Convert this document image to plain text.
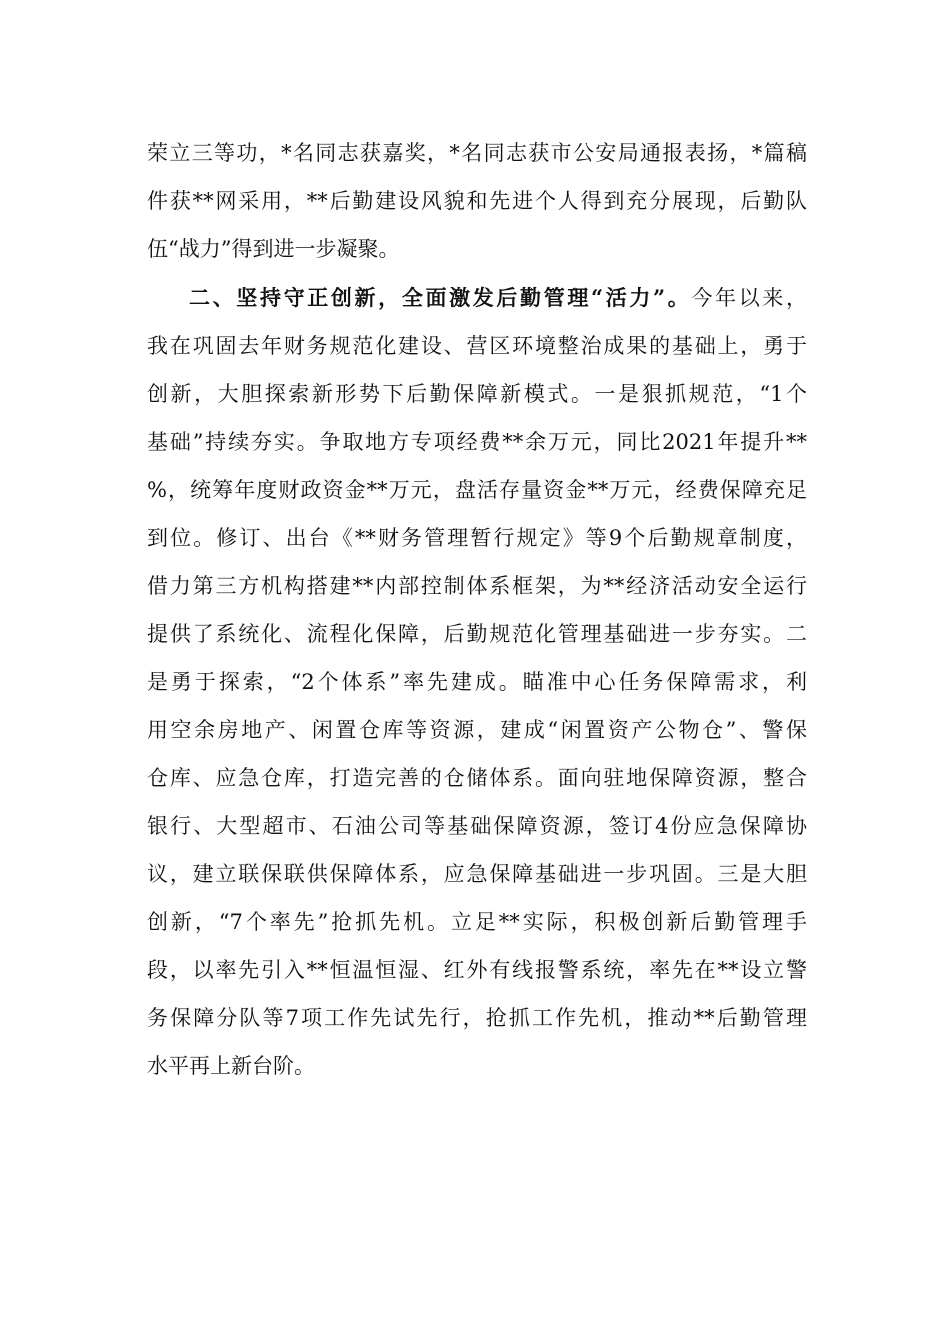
荣立三等功，*名同志获嘉奖，*名同志获市公安局通报表扬，*篇稿
件获**网采用，**后勤建设风貌和先进个人得到充分展现，后勤队
伍“战力”得到进一步凝聚。
二、坚持守正创新，全面激发后勤管理“活力”。今年以来，
我在巩固去年财务规范化建设、营区环境整治成果的基础上，勇于
创新，大胆探索新形势下后勤保障新模式。一是狠抓规范，“1个
基础”持续夯实。争取地方专项经费**余万元，同比2021年提升**
%，统筹年度财政资金**万元，盘活存量资金**万元，经费保障充足
到位。修订、出台《**财务管理暂行规定》等9个后勤规章制度，
借力第三方机构搭建**内部控制体系框架，为**经济活动安全运行
提供了系统化、流程化保障，后勤规范化管理基础进一步夯实。二
是勇于探索，“2个体系”率先建成。瞄准中心任务保障需求，利
用空余房地产、闲置仓库等资源，建成“闲置资产公物仓”、警保
仓库、应急仓库，打造完善的仓储体系。面向驻地保障资源，整合
银行、大型超市、石油公司等基础保障资源，签订4份应急保障协
议，建立联保联供保障体系，应急保障基础进一步巩固。三是大胆
创新，“7个率先”抢抓先机。立足**实际，积极创新后勤管理手
段，以率先引入**恒温恒湿、红外有线报警系统，率先在**设立警
务保障分队等7项工作先试先行，抢抓工作先机，推动**后勤管理
水平再上新台阶。
